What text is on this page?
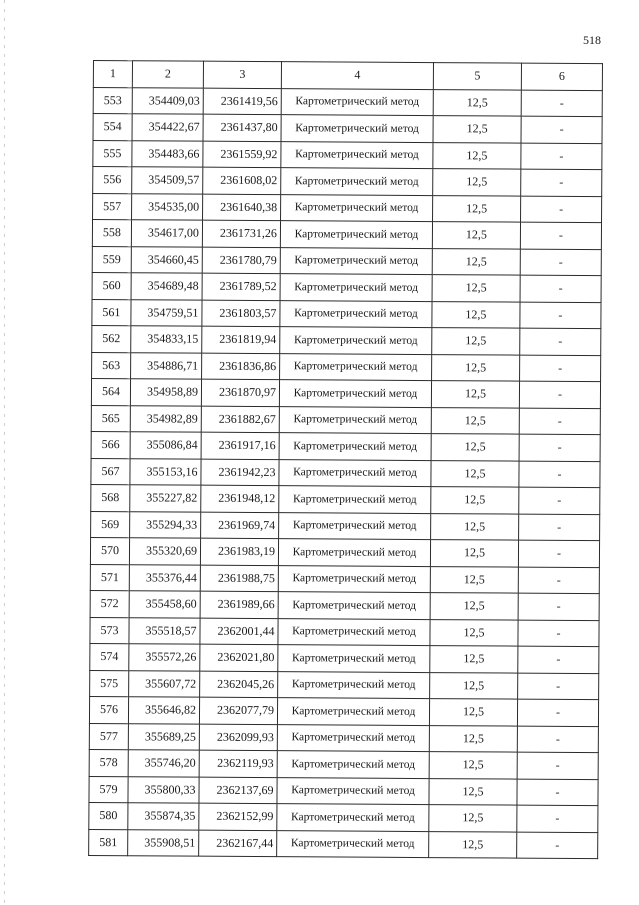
518
1	2	3	4	5	6
553	354409,03	2361419,56	Картометрический метод	12,5	-
554	354422,67	2361437,80	Картометрический метод	12,5	-
555	354483,66	2361559,92	Картометрический метод	12,5	-
556	354509,57	2361608,02	Картометрический метод	12,5	-
557	354535,00	2361640,38	Картометрический метод	12,5	-
558	354617,00	2361731,26	Картометрический метод	12,5	-
559	354660,45	2361780,79	Картометрический метод	12,5	-
560	354689,48	2361789,52	Картометрический метод	12,5	-
561	354759,51	2361803,57	Картометрический метод	12,5	-
562	354833,15	2361819,94	Картометрический метод	12,5	-
563	354886,71	2361836,86	Картометрический метод	12,5	-
564	354958,89	2361870,97	Картометрический метод	12,5	-
565	354982,89	2361882,67	Картометрический метод	12,5	-
566	355086,84	2361917,16	Картометрический метод	12,5	-
567	355153,16	2361942,23	Картометрический метод	12,5	-
568	355227,82	2361948,12	Картометрический метод	12,5	-
569	355294,33	2361969,74	Картометрический метод	12,5	-
570	355320,69	2361983,19	Картометрический метод	12,5	-
571	355376,44	2361988,75	Картометрический метод	12,5	-
572	355458,60	2361989,66	Картометрический метод	12,5	-
573	355518,57	2362001,44	Картометрический метод	12,5	-
574	355572,26	2362021,80	Картометрический метод	12,5	-
575	355607,72	2362045,26	Картометрический метод	12,5	-
576	355646,82	2362077,79	Картометрический метод	12,5	-
577	355689,25	2362099,93	Картометрический метод	12,5	-
578	355746,20	2362119,93	Картометрический метод	12,5	-
579	355800,33	2362137,69	Картометрический метод	12,5	-
580	355874,35	2362152,99	Картометрический метод	12,5	-
581	355908,51	2362167,44	Картометрический метод	12,5	-
